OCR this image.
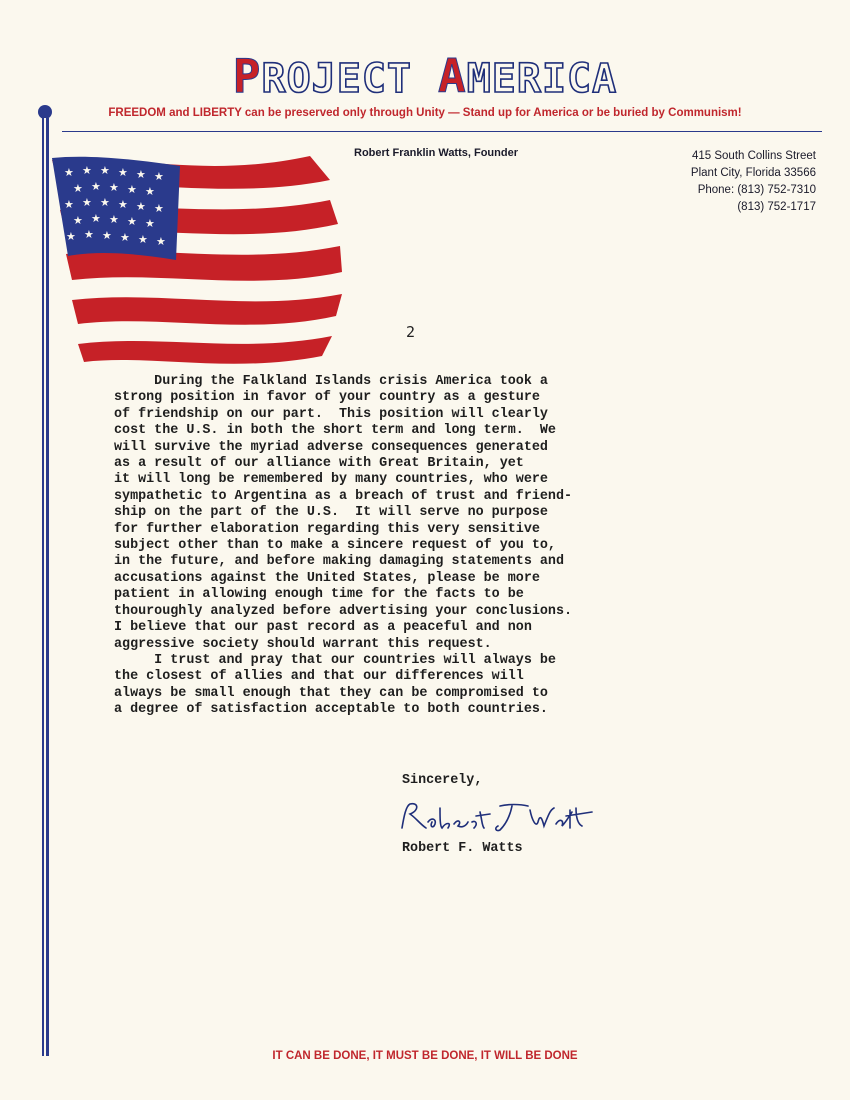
★ ★ ★ ★ ★ ★
★ ★ ★ ★ ★
★ ★ ★ ★ ★ ★
★ ★ ★ ★ ★
★ ★ ★ ★ ★ ★
PROJECT AMERICA
FREEDOM and LIBERTY can be preserved only through Unity — Stand up for America or be buried by Communism!
Robert Franklin Watts, Founder	415 South Collins Street
Plant City, Florida 33566
Phone: (813) 752-7310
(813) 752-1717
2
During the Falkland Islands crisis America took a
strong position in favor of your country as a gesture
of friendship on our part.  This position will clearly
cost the U.S. in both the short term and long term.  We
will survive the myriad adverse consequences generated
as a result of our alliance with Great Britain, yet
it will long be remembered by many countries, who were
sympathetic to Argentina as a breach of trust and friend-
ship on the part of the U.S.  It will serve no purpose
for further elaboration regarding this very sensitive
subject other than to make a sincere request of you to,
in the future, and before making damaging statements and
accusations against the United States, please be more
patient in allowing enough time for the facts to be
thouroughly analyzed before advertising your conclusions.
I believe that our past record as a peaceful and non
aggressive society should warrant this request.
I trust and pray that our countries will always be
the closest of allies and that our differences will
always be small enough that they can be compromised to
a degree of satisfaction acceptable to both countries.
Sincerely,
Robert F. Watts
IT CAN BE DONE, IT MUST BE DONE, IT WILL BE DONE
